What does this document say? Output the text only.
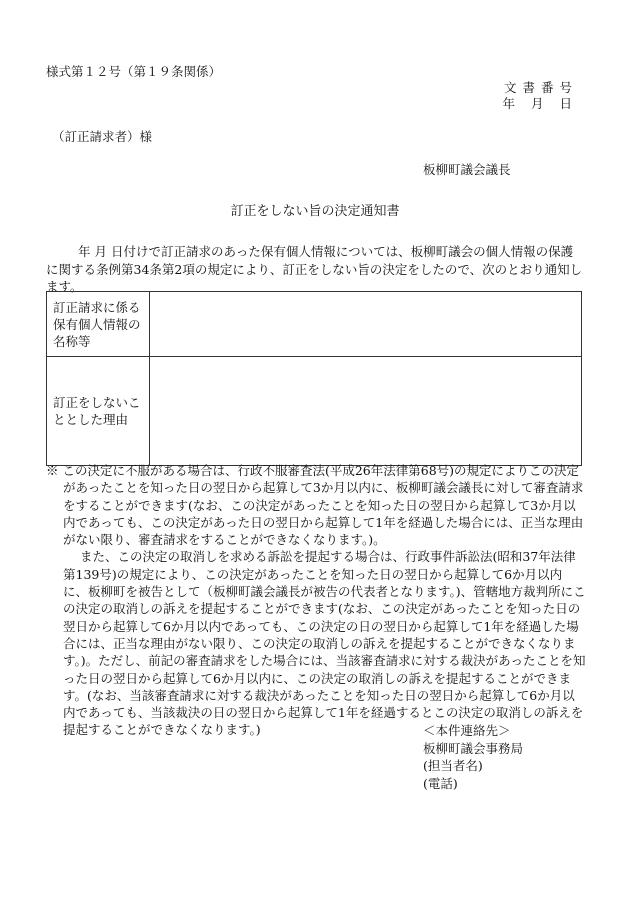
様式第１２号（第１９条関係）
文書番号
年 月 日
（訂正請求者）様
板柳町議会議長
訂正をしない旨の決定通知書
年 月 日付けで訂正請求のあった保有個人情報については、板柳町議会の個人情報の保護に関する条例第34条第2項の規定により、訂正をしない旨の決定をしたので、次のとおり通知します。
訂正請求に係る保有個人情報の名称等	
訂正をしないこととした理由	

※ この決定に不服がある場合は、行政不服審査法(平成26年法律第68号)の規定によりこの決定があったことを知った日の翌日から起算して3か月以内に、板柳町議会議長に対して審査請求をすることができます(なお、この決定があったことを知った日の翌日から起算して3か月以内であっても、この決定があった日の翌日から起算して1年を経過した場合には、正当な理由がない限り、審査請求をすることができなくなります。)。

また、この決定の取消しを求める訴訟を提起する場合は、行政事件訴訟法(昭和37年法律第139号)の規定により、この決定があったことを知った日の翌日から起算して6か月以内に、板柳町を被告として（板柳町議会議長が被告の代表者となります。)、管轄地方裁判所にこの決定の取消しの訴えを提起することができます(なお、この決定があったことを知った日の翌日から起算して6か月以内であっても、この決定の日の翌日から起算して1年を経過した場合には、正当な理由がない限り、この決定の取消しの訴えを提起することができなくなります。)。ただし、前記の審査請求をした場合には、当該審査請求に対する裁決があったことを知った日の翌日から起算して6か月以内に、この決定の取消しの訴えを提起することができます。(なお、当該審査請求に対する裁決があったことを知った日の翌日から起算して6か月以内であっても、当該裁決の日の翌日から起算して1年を経過するとこの決定の取消しの訴えを提起することができなくなります。)	＜本件連絡先＞
板柳町議会事務局
(担当者名)
(電話)
